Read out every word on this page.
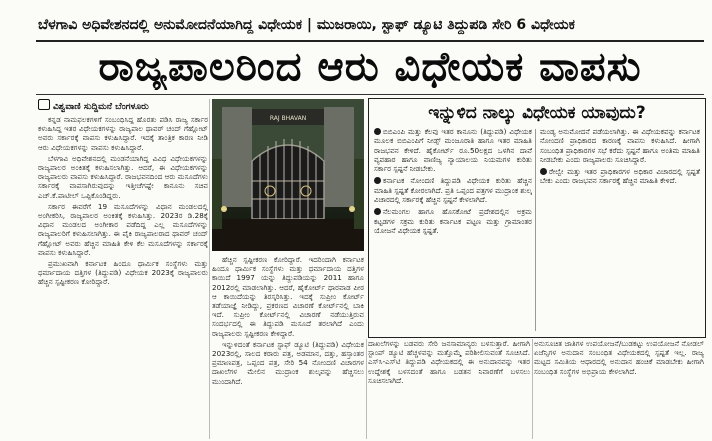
ಬೆಳಗಾವಿ ಅಧಿವೇಶನದಲ್ಲಿ ಅನುಮೋದನೆಯಾಗಿದ್ದ ವಿಧೇಯಕ | ಮುಜರಾಯಿ, ಸ್ಟಾಫ್ ಡ್ಯೂಟಿ ತಿದ್ದುಪಡಿ ಸೇರಿ 6 ವಿಧೇಯಕ
ರಾಜ್ಯಪಾಲರಿಂದ ಆರು ವಿಧೇಯಕ ವಾಪಸು
ವಿಶ್ವವಾಣಿ ಸುದ್ದಿಮನೆ ಬೆಂಗಳೂರು

ಕನ್ನಡ ನಾಮಫಲಕಗಳಿಗೆ ಸಂಬಂಧಿಸಿದ್ದ ಹೊರತು ಪಡಿಸಿ ರಾಜ್ಯ ಸರ್ಕಾರ ಕಳುಹಿಸಿದ್ದ ಇತರ ವಿಧೇಯಕಗಳನ್ನು ರಾಜ್ಯಪಾಲ ಥಾವರ್ ಚಂದ್ ಗೆಹ್ಲೋಟ್ ಅವರು ಸರ್ಕಾರಕ್ಕೆ ವಾಪಸು ಕಳುಹಿಸಿದ್ದಾರೆ. ಇದಕ್ಕೆ ತಾಂತ್ರಿಕ ಕಾರಣ ನೀಡಿ ಆರು ವಿಧೇಯಕಗಳನ್ನು ವಾಪಸು ಕಳುಹಿಸಿದ್ದಾರೆ.

ಬೆಳಗಾವಿ ಅಧಿವೇಶನದಲ್ಲಿ ಮಂಡನೆಯಾಗಿದ್ದ ವಿವಿಧ ವಿಧೇಯಕಗಳನ್ನು ರಾಜ್ಯಪಾಲರ ಅಂಕಿತಕ್ಕೆ ಕಳುಹಿಸಲಾಗಿತ್ತು. ಆದರೆ, ಈ ವಿಧೇಯಕಗಳನ್ನು ರಾಜ್ಯಪಾಲರು ವಾಪಸು ಕಳುಹಿಸಿದ್ದಾರೆ. ರಾಜಭವನದಿಂದ ಆರು ಮಸೂದೆಗಳು ಸರ್ಕಾರಕ್ಕೆ ವಾಪಸಾಗಿರುವುದನ್ನು ಇತ್ತೀಚೆಗಷ್ಟೇ ಕಾನೂನು ಸಚಿವ ಎಚ್.ಕೆ.ಪಾಟೀಲ್ ಒಪ್ಪಿಕೊಂಡಿದ್ದರು.

ಸರ್ಕಾರ ಈವರೆಗೆ 19 ಮಸೂದೆಗಳನ್ನು ವಿಧಾನ ಮಂಡಲದಲ್ಲಿ ಅಂಗೀಕರಿಸಿ, ರಾಜ್ಯಪಾಲರ ಅಂಕಿತಕ್ಕೆ ಕಳುಹಿಸಿತ್ತು. 2023ರ ಡಿ.28ಕ್ಕೆ ವಿಧಾನ ಮಂಡಲದ ಅಂಗೀಕಾರ ಪಡೆದಿದ್ದ ಎಲ್ಲ ಮಸೂದೆಗಳನ್ನು ರಾಜ್ಯಪಾಲರಿಗೆ ಕಳುಹಿಸಲಾಗಿತ್ತು. ಈ ಪೈಕಿ ರಾಜ್ಯಪಾಲರಾದ ಥಾವರ್ ಚಂದ್ ಗೆಹ್ಲೋಟ್ ಅವರು ಹೆಚ್ಚಿನ ಮಾಹಿತಿ ಕೇಳಿ ಕೆಲ ಮಸೂದೆಗಳನ್ನು ಸರ್ಕಾರಕ್ಕೆ ವಾಪಸು ಕಳುಹಿಸಿದ್ದಾರೆ.

ಪ್ರಮುಖವಾಗಿ ಕರ್ನಾಟಕ ಹಿಂದೂ ಧಾರ್ಮಿಕ ಸಂಸ್ಥೆಗಳು ಮತ್ತು ಧರ್ಮಾದಾಯ ದತ್ತಿಗಳ (ತಿದ್ದುಪಡಿ) ವಿಧೇಯಕ 2023ಕ್ಕೆ ರಾಜ್ಯಪಾಲರು ಹೆಚ್ಚಿನ ಸ್ಪಷ್ಟೀಕರಣ ಕೋರಿದ್ದಾರೆ.

RAJ BHAVAN

ಹೆಚ್ಚಿನ ಸ್ಪಷ್ಟೀಕರಣ ಕೋರಿದ್ದಾರೆ. ಇದರಿಂದಾಗಿ ಕರ್ನಾಟಕ ಹಿಂದೂ ಧಾರ್ಮಿಕ ಸಂಸ್ಥೆಗಳು ಮತ್ತು ಧರ್ಮಾದಾಯ ದತ್ತಿಗಳ ಕಾಯಿದೆ 1997 ಯನ್ನು ತಿದ್ದುಪಡಿಯನ್ನು 2011 ಹಾಗೂ 2012ರಲ್ಲಿ ಮಾಡಲಾಗಿತ್ತು. ಆದರೆ, ಹೈಕೋರ್ಟ್ ಧಾರವಾಡ ಪೀಠ ಆ ಕಾಯಿದೆಯನ್ನು ತಿರಸ್ಕರಿಸಿತ್ತು. ಇದಕ್ಕೆ ಸುಪ್ರೀಂ ಕೋರ್ಟ್ ತಡೆಯಾಜ್ಞೆ ನೀಡಿದ್ದು, ಪ್ರಕರಣದ ವಿಚಾರಣೆ ಕೋರ್ಟ್‌ನಲ್ಲಿ ಬಾಕಿ ಇದೆ. ಸುಪ್ರೀಂ ಕೋರ್ಟ್‌ನಲ್ಲಿ ವಿಚಾರಣೆ ನಡೆಯುತ್ತಿರುವ ಸಂದರ್ಭದಲ್ಲಿ ಈ ತಿದ್ದುಪಡಿ ಮಸೂದೆ ತರಲಾಗಿದೆ ಎಂದು ರಾಜ್ಯಪಾಲರು ಸ್ಪಷ್ಟೀಕರಣ ಕೇಳಿದ್ದಾರೆ.

ಇನ್ನುಳಿದಂತೆ ಕರ್ನಾಟಕ ಸ್ಟಾಫ್ ಡ್ಯೂಟಿ (ತಿದ್ದುಪಡಿ) ವಿಧೇಯಕ 2023ರಲ್ಲಿ, ಸಾಲದ ಕರಾರು ಪತ್ರ, ಅಡಮಾನ, ದತ್ತು, ಹಸ್ತಾಂತರ ಪ್ರಮಾಣಪತ್ರ, ಒಪ್ಪಂದ ಪತ್ರ, ಸೇರಿ 54 ನೋಂದಣಿ ವಿಚಾರಗಳ ದಾಖಲೆಗಳ ಮೇಲಿನ ಮುದ್ರಾಂಕ ಶುಲ್ಕವನ್ನು ಹೆಚ್ಚಿಸಲು ಮುಂದಾಗಿದೆ.

ಇನ್ನುಳಿದ ನಾಲ್ಕು ವಿಧೇಯಕ ಯಾವುದು?
ಬಿಬಿಎಂಪಿ ಮತ್ತು ಕೆಲವು ಇತರ ಕಾನೂನು (ತಿದ್ದುಪಡಿ) ವಿಧೇಯಕ ಮೂಲಕ ಬಿಬಿಎಂಪಿಗೆ ನೀಡ್ಸ್ ಮಂಜೂರಾತಿ ಹಾಗೂ ಇತರ ಮಾಹಿತಿ ರಾಜಭವನ ಕೇಳಿದೆ. ಹೈಕೋರ್ಟ್ ರೂ.50ಲಕ್ಷದ ಒಳಗಿನ ದಾವೆ ವ್ಯವಹಾರ ಹಾಗೂ ವಾಣಿಜ್ಯ ನ್ಯಾಯಾಲಯ ನಿಯಮಗಳ ಕುರಿತು ಸರ್ಕಾರ ಸ್ಪಷ್ಟನೆ ನೀಡಬೇಕು.
ಕರ್ನಾಟಕ ನೋಂದಣಿ ತಿದ್ದುಪಡಿ ವಿಧೇಯಕ ಕುರಿತು ಹೆಚ್ಚಿನ ಮಾಹಿತಿ ಸ್ಪಷ್ಟತೆ ಕೋರಲಾಗಿದೆ. ಪ್ರತಿ ಒಪ್ಪಂದ ಪತ್ರಗಳ ಮುದ್ರಾಂಕ ಶುಲ್ಕ ವಿಚಾರದಲ್ಲಿ ಸರ್ಕಾರಕ್ಕೆ ಹೆಚ್ಚಿನ ಸ್ಪಷ್ಟನೆ ಕೇಳಲಾಗಿದೆ.
ನೆಲಮಂಗಲ ಹಾಗೂ ಹೊಸಕೋಟೆ ಪ್ರದೇಶದಲ್ಲಿನ ಅಕ್ರಮ ಕಟ್ಟಡಗಳ ಸಕ್ರಮ ಕುರಿತು ಕರ್ನಾಟಕ ಪಟ್ಟಣ ಮತ್ತು ಗ್ರಾಮಾಂತರ ಯೋಜನೆ ವಿಧೇಯಕ ಸ್ಪಷ್ಟತೆ.
ಮಂಡ್ಯ ಅನುಮೋದನೆ ಪಡೆಯಲಾಗಿತ್ತು. ಈ ವಿಧೇಯಕವನ್ನು ಕರ್ನಾಟಕ ನೋಂದಣಿ ಪ್ರಾಧಿಕಾರದ ಕಾರಣಕ್ಕೆ ವಾಪಸು ಕಳುಹಿಸಿದೆ. ಹೀಗಾಗಿ ಸಂಬಂಧಿತ ಪ್ರಾಧಿಕಾರಗಳ ಸಭೆ ಕರೆದು ಸ್ಪಷ್ಟನೆ ಹಾಗೂ ಅಂತಿಮ ಮಾಹಿತಿ ನೀಡಬೇಕು ಎಂದು ರಾಜ್ಯಪಾಲರು ಸೂಚಿಸಿದ್ದಾರೆ.
ರೇಲ್ವೇ ಮತ್ತು ಇತರ ಪ್ರಾಧಿಕಾರಗಳ ಅಧಿಕಾರ ವಿಚಾರದಲ್ಲಿ ಸ್ಪಷ್ಟತೆ ಬೇಕು ಎಂದು ರಾಜಭವನ ಸರ್ಕಾರಕ್ಕೆ ಹೆಚ್ಚಿನ ಮಾಹಿತಿ ಕೇಳಿದೆ.

ದಾಖಲೆಗಳನ್ನು ಬಡವರು ಸೇರಿ ಜನಸಾಮಾನ್ಯರು ಬಳಸುತ್ತಾರೆ. ಹೀಗಾಗಿ ಸ್ಟಾಂಪ್ ಡ್ಯೂಟಿ ಹೆಚ್ಚಳವನ್ನು ಮತ್ತೊಮ್ಮೆ ಪರಿಶೀಲಿಸುವಂತೆ ಸೂಚಿಸಿದೆ. ಎಸ್‌ಸಿ-ಎಸ್‌ಟಿ ತಿದ್ದುಪಡಿ ವಿಧೇಯಕದಲ್ಲಿ ಈ ಅನುದಾನವನ್ನು ಇತರ ಉದ್ದೇಶಕ್ಕೆ ಬಳಸದಂತೆ ಹಾಗೂ ಬಡತನ ನಿವಾರಣೆಗೆ ಬಳಸಲು ಸೂಚಿಸಲಾಗಿದೆ.

ಅನುಸೂಚಿತ ಜಾತಿಗಳ ಉಪಯೋಜನೆ/ಬುಡಕಟ್ಟು ಉಪಯೋಜನೆ ನೋಡಲ್ ಏಜೆನ್ಸಿಗಳ ಅನುದಾನ ಸಂಬಂಧಿತ ವಿಧೇಯಕದಲ್ಲಿ ಸ್ಪಷ್ಟತೆ ಇಲ್ಲ. ರಾಜ್ಯ ಮಟ್ಟದ ಸಮಿತಿಯ ಆಧಾರದಲ್ಲಿ ಅನುದಾನ ಹಂಚಿಕೆ ಮಾಡಬೇಕು ಹೀಗಾಗಿ ಸಂಬಂಧಿತ ಸಂಸ್ಥೆಗಳ ಅಭಿಪ್ರಾಯ ಕೇಳಲಾಗಿದೆ.
